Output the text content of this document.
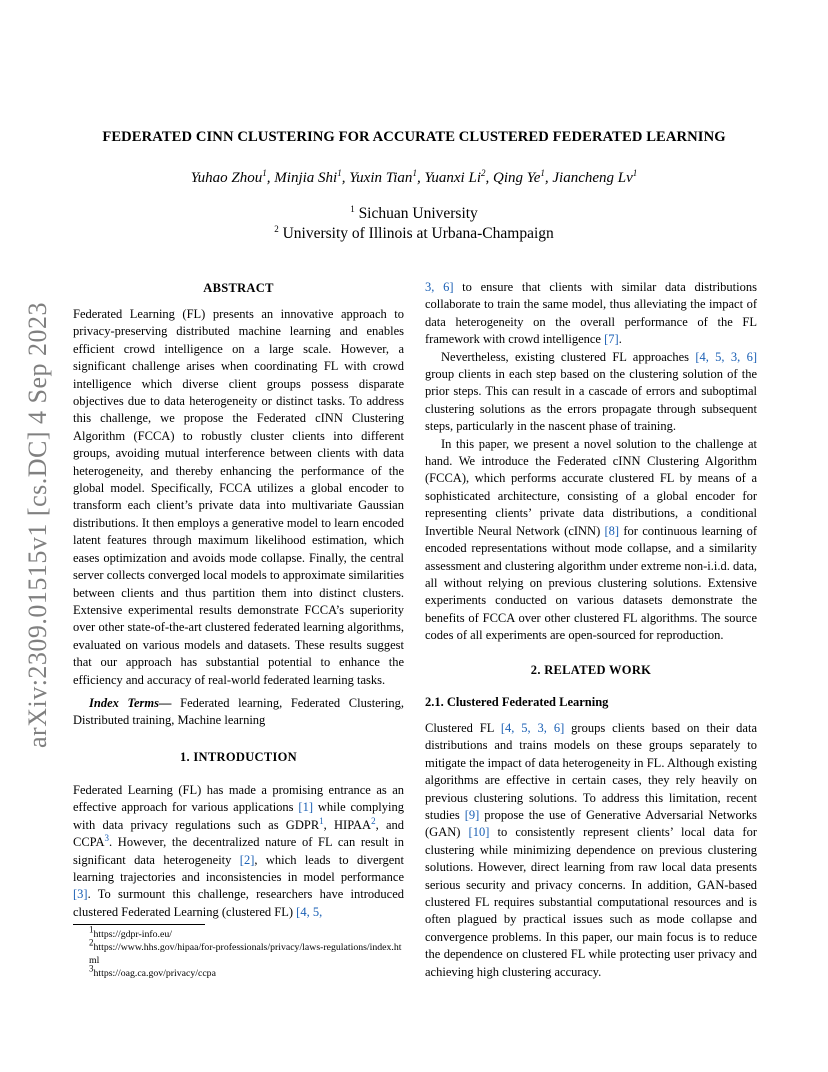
arXiv:2309.01515v1 [cs.DC] 4 Sep 2023
FEDERATED CINN CLUSTERING FOR ACCURATE CLUSTERED FEDERATED LEARNING
Yuhao Zhou$^1$, Minjia Shi$^1$, Yuxin Tian$^1$, Yuanxi Li$^2$, Qing Ye$^1$, Jiancheng Lv$^1$
$^1$ Sichuan University
$^2$ University of Illinois at Urbana-Champaign
ABSTRACT

Federated Learning (FL) presents an innovative approach to privacy-preserving distributed machine learning and enables efficient crowd intelligence on a large scale. However, a significant challenge arises when coordinating FL with crowd intelligence which diverse client groups possess disparate objectives due to data heterogeneity or distinct tasks. To address this challenge, we propose the Federated cINN Clustering Algorithm (FCCA) to robustly cluster clients into different groups, avoiding mutual interference between clients with data heterogeneity, and thereby enhancing the performance of the global model. Specifically, FCCA utilizes a global encoder to transform each client’s private data into multivariate Gaussian distributions. It then employs a generative model to learn encoded latent features through maximum likelihood estimation, which eases optimization and avoids mode collapse. Finally, the central server collects converged local models to approximate similarities between clients and thus partition them into distinct clusters. Extensive experimental results demonstrate FCCA’s superiority over other state-of-the-art clustered federated learning algorithms, evaluated on various models and datasets. These results suggest that our approach has substantial potential to enhance the efficiency and accuracy of real-world federated learning tasks.

Index Terms— Federated learning, Federated Clustering, Distributed training, Machine learning

1. INTRODUCTION

Federated Learning (FL) has made a promising entrance as an effective approach for various applications [1] while complying with data privacy regulations such as GDPR$^1$, HIPAA$^2$, and CCPA$^3$. However, the decentralized nature of FL can result in significant data heterogeneity [2], which leads to divergent learning trajectories and inconsistencies in model performance [3]. To surmount this challenge, researchers have introduced clustered Federated Learning (clustered FL) [4, 5,

$^1$https://gdpr-info.eu/
$^2$https://www.hhs.gov/hipaa/for-professionals/privacy/laws-regulations/index.html
$^3$https://oag.ca.gov/privacy/ccpa

3, 6] to ensure that clients with similar data distributions collaborate to train the same model, thus alleviating the impact of data heterogeneity on the overall performance of the FL framework with crowd intelligence [7].

Nevertheless, existing clustered FL approaches [4, 5, 3, 6] group clients in each step based on the clustering solution of the prior steps. This can result in a cascade of errors and suboptimal clustering solutions as the errors propagate through subsequent steps, particularly in the nascent phase of training.

In this paper, we present a novel solution to the challenge at hand. We introduce the Federated cINN Clustering Algorithm (FCCA), which performs accurate clustered FL by means of a sophisticated architecture, consisting of a global encoder for representing clients’ private data distributions, a conditional Invertible Neural Network (cINN) [8] for continuous learning of encoded representations without mode collapse, and a similarity assessment and clustering algorithm under extreme non-i.i.d. data, all without relying on previous clustering solutions. Extensive experiments conducted on various datasets demonstrate the benefits of FCCA over other clustered FL algorithms. The source codes of all experiments are open-sourced for reproduction.

2. RELATED WORK
2.1. Clustered Federated Learning

Clustered FL [4, 5, 3, 6] groups clients based on their data distributions and trains models on these groups separately to mitigate the impact of data heterogeneity in FL. Although existing algorithms are effective in certain cases, they rely heavily on previous clustering solutions. To address this limitation, recent studies [9] propose the use of Generative Adversarial Networks (GAN) [10] to consistently represent clients’ local data for clustering while minimizing dependence on previous clustering solutions. However, direct learning from raw local data presents serious security and privacy concerns. In addition, GAN-based clustered FL requires substantial computational resources and is often plagued by practical issues such as mode collapse and convergence problems. In this paper, our main focus is to reduce the dependence on clustered FL while protecting user privacy and achieving high clustering accuracy.
